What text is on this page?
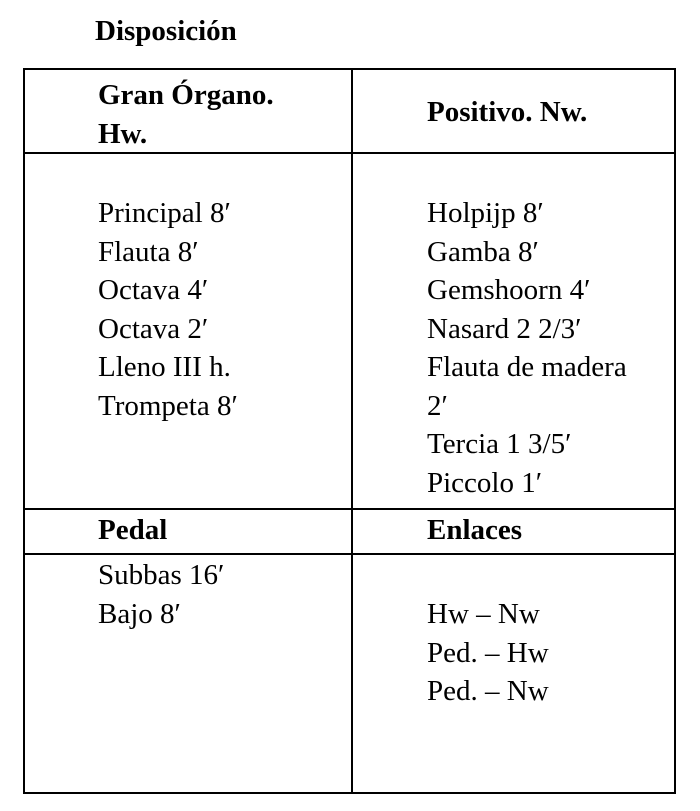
Disposición
Gran Órgano.
Hw.
Positivo. Nw.
Principal 8′
Flauta 8′
Octava 4′
Octava 2′
Lleno III h.
Trompeta 8′
Holpijp 8′
Gamba 8′
Gemshoorn 4′
Nasard 2 2/3′
Flauta de madera
2′
Tercia 1 3/5′
Piccolo 1′
Pedal	Enlaces
Subbas 16′
Bajo 8′	Hw – Nw
Ped. – Hw
Ped. – Nw
